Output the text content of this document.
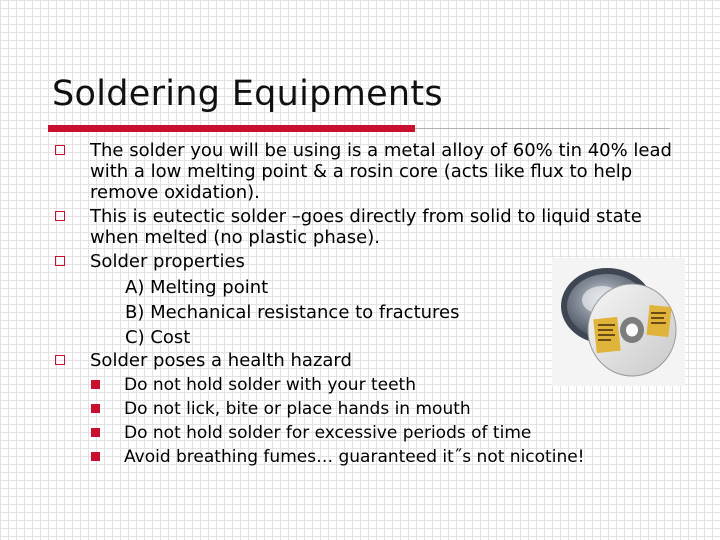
Soldering Equipments
The solder you will be using is a metal alloy of 60% tin 40% lead with a low melting point & a rosin core (acts like flux to help remove oxidation).
This is eutectic solder –goes directly from solid to liquid state when melted (no plastic phase).
Solder properties
A) Melting point
B) Mechanical resistance to fractures
C) Cost
Solder poses a health hazard
Do not hold solder with your teeth
Do not lick, bite or place hands in mouth
Do not hold solder for excessive periods of time
Avoid breathing fumes… guaranteed it˝s not nicotine!
